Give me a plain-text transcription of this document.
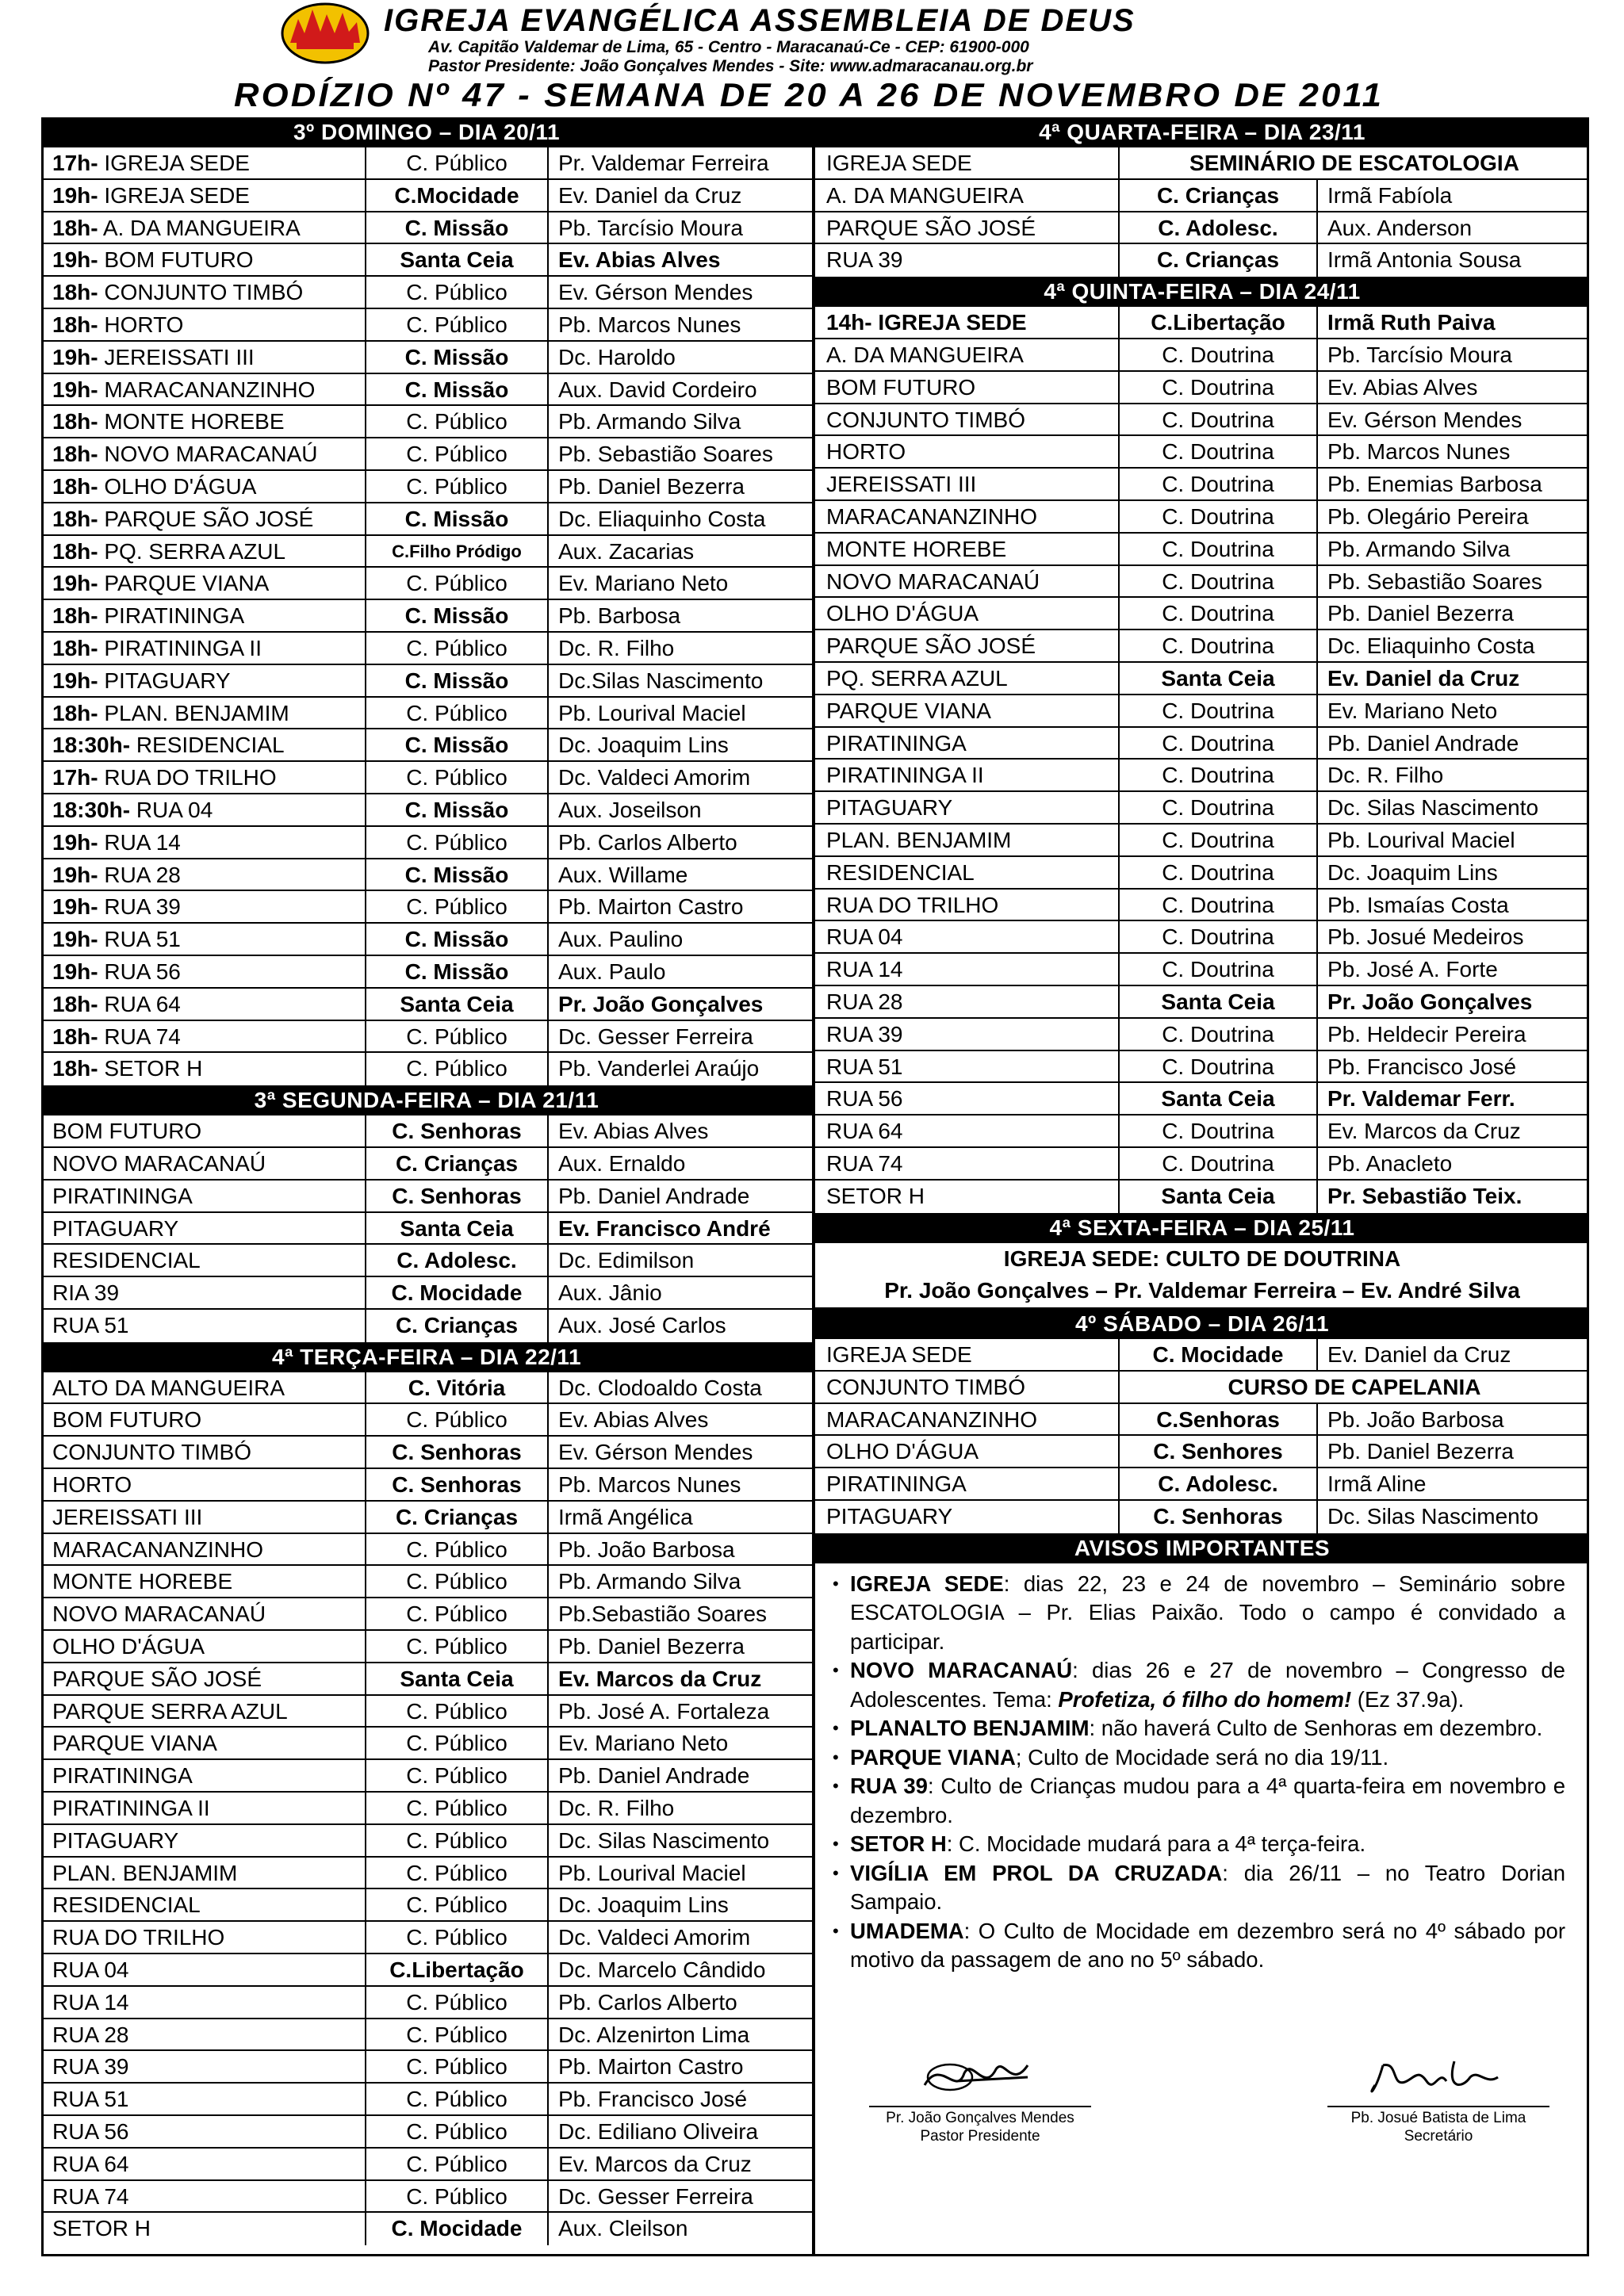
IGREJA EVANGÉLICA ASSEMBLEIA DE DEUS
Av. Capitão Valdemar de Lima, 65 - Centro - Maracanaú-Ce - CEP: 61900-000
Pastor Presidente: João Gonçalves Mendes - Site: www.admaracanau.org.br
RODÍZIO Nº 47 - SEMANA DE 20 A 26 DE NOVEMBRO DE 2011
3º DOMINGO – DIA 20/11
17h- IGREJA SEDE	C. Público	Pr. Valdemar Ferreira
19h- IGREJA SEDE	C.Mocidade	Ev. Daniel da Cruz
18h- A. DA MANGUEIRA	C. Missão	Pb. Tarcísio Moura
19h- BOM FUTURO	Santa Ceia	Ev. Abias Alves
18h- CONJUNTO TIMBÓ	C. Público	Ev. Gérson Mendes
18h- HORTO	C. Público	Pb. Marcos Nunes
19h- JEREISSATI III	C. Missão	Dc. Haroldo
19h- MARACANANZINHO	C. Missão	Aux. David Cordeiro
18h- MONTE HOREBE	C. Público	Pb. Armando Silva
18h- NOVO MARACANAÚ	C. Público	Pb. Sebastião Soares
18h- OLHO D'ÁGUA	C. Público	Pb. Daniel Bezerra
18h- PARQUE SÃO JOSÉ	C. Missão	Dc. Eliaquinho Costa
18h- PQ. SERRA AZUL	C.Filho Pródigo	Aux. Zacarias
19h- PARQUE VIANA	C. Público	Ev. Mariano Neto
18h- PIRATININGA	C. Missão	Pb. Barbosa
18h- PIRATININGA II	C. Público	Dc. R. Filho
19h- PITAGUARY	C. Missão	Dc.Silas Nascimento
18h- PLAN. BENJAMIM	C. Público	Pb. Lourival Maciel
18:30h- RESIDENCIAL	C. Missão	Dc. Joaquim Lins
17h- RUA DO TRILHO	C. Público	Dc. Valdeci Amorim
18:30h- RUA 04	C. Missão	Aux. Joseilson
19h- RUA 14	C. Público	Pb. Carlos Alberto
19h- RUA 28	C. Missão	Aux. Willame
19h- RUA 39	C. Público	Pb. Mairton Castro
19h- RUA 51	C. Missão	Aux. Paulino
19h- RUA 56	C. Missão	Aux. Paulo
18h- RUA 64	Santa Ceia	Pr. João Gonçalves
18h- RUA 74	C. Público	Dc. Gesser Ferreira
18h- SETOR H	C. Público	Pb. Vanderlei Araújo
3ª SEGUNDA-FEIRA – DIA 21/11
BOM FUTURO	C. Senhoras	Ev. Abias Alves
NOVO MARACANAÚ	C. Crianças	Aux. Ernaldo
PIRATININGA	C. Senhoras	Pb. Daniel Andrade
PITAGUARY	Santa Ceia	Ev. Francisco André
RESIDENCIAL	C. Adolesc.	Dc. Edimilson
RIA 39	C. Mocidade	Aux. Jânio
RUA 51	C. Crianças	Aux. José Carlos
4ª TERÇA-FEIRA – DIA 22/11
ALTO DA MANGUEIRA	C. Vitória	Dc. Clodoaldo Costa
BOM FUTURO	C. Público	Ev. Abias Alves
CONJUNTO TIMBÓ	C. Senhoras	Ev. Gérson Mendes
HORTO	C. Senhoras	Pb. Marcos Nunes
JEREISSATI III	C. Crianças	Irmã Angélica
MARACANANZINHO	C. Público	Pb. João Barbosa
MONTE HOREBE	C. Público	Pb. Armando Silva
NOVO MARACANAÚ	C. Público	Pb.Sebastião Soares
OLHO D'ÁGUA	C. Público	Pb. Daniel Bezerra
PARQUE SÃO JOSÉ	Santa Ceia	Ev. Marcos da Cruz
PARQUE SERRA AZUL	C. Público	Pb. José A. Fortaleza
PARQUE VIANA	C. Público	Ev. Mariano Neto
PIRATININGA	C. Público	Pb. Daniel Andrade
PIRATININGA II	C. Público	Dc. R. Filho
PITAGUARY	C. Público	Dc. Silas Nascimento
PLAN. BENJAMIM	C. Público	Pb. Lourival Maciel
RESIDENCIAL	C. Público	Dc. Joaquim Lins
RUA DO TRILHO	C. Público	Dc. Valdeci Amorim
RUA 04	C.Libertação	Dc. Marcelo Cândido
RUA 14	C. Público	Pb. Carlos Alberto
RUA 28	C. Público	Dc. Alzenirton Lima
RUA 39	C. Público	Pb. Mairton Castro
RUA 51	C. Público	Pb. Francisco José
RUA 56	C. Público	Dc. Ediliano Oliveira
RUA 64	C. Público	Ev. Marcos da Cruz
RUA 74	C. Público	Dc. Gesser Ferreira
SETOR H	C. Mocidade	Aux. Cleilson
4ª QUARTA-FEIRA – DIA 23/11
IGREJA SEDE	SEMINÁRIO DE ESCATOLOGIA
A. DA MANGUEIRA	C. Crianças	Irmã Fabíola
PARQUE SÃO JOSÉ	C. Adolesc.	Aux. Anderson
RUA 39	C. Crianças	Irmã Antonia Sousa
4ª QUINTA-FEIRA – DIA 24/11
14h- IGREJA SEDE	C.Libertação	Irmã Ruth Paiva
A. DA MANGUEIRA	C. Doutrina	Pb. Tarcísio Moura
BOM FUTURO	C. Doutrina	Ev. Abias Alves
CONJUNTO TIMBÓ	C. Doutrina	Ev. Gérson Mendes
HORTO	C. Doutrina	Pb. Marcos Nunes
JEREISSATI III	C. Doutrina	Pb. Enemias Barbosa
MARACANANZINHO	C. Doutrina	Pb. Olegário Pereira
MONTE HOREBE	C. Doutrina	Pb. Armando Silva
NOVO MARACANAÚ	C. Doutrina	Pb. Sebastião Soares
OLHO D'ÁGUA	C. Doutrina	Pb. Daniel Bezerra
PARQUE SÃO JOSÉ	C. Doutrina	Dc. Eliaquinho Costa
PQ. SERRA AZUL	Santa Ceia	Ev. Daniel da Cruz
PARQUE VIANA	C. Doutrina	Ev. Mariano Neto
PIRATININGA	C. Doutrina	Pb. Daniel Andrade
PIRATININGA II	C. Doutrina	Dc. R. Filho
PITAGUARY	C. Doutrina	Dc. Silas Nascimento
PLAN. BENJAMIM	C. Doutrina	Pb. Lourival Maciel
RESIDENCIAL	C. Doutrina	Dc. Joaquim Lins
RUA DO TRILHO	C. Doutrina	Pb. Ismaías Costa
RUA 04	C. Doutrina	Pb. Josué Medeiros
RUA 14	C. Doutrina	Pb. José A. Forte
RUA 28	Santa Ceia	Pr. João Gonçalves
RUA 39	C. Doutrina	Pb. Heldecir Pereira
RUA 51	C. Doutrina	Pb. Francisco José
RUA 56	Santa Ceia	Pr. Valdemar Ferr.
RUA 64	C. Doutrina	Ev. Marcos da Cruz
RUA 74	C. Doutrina	Pb. Anacleto
SETOR H	Santa Ceia	Pr. Sebastião Teix.
4ª SEXTA-FEIRA – DIA 25/11
IGREJA SEDE: CULTO DE DOUTRINA
Pr. João Gonçalves – Pr. Valdemar Ferreira – Ev. André Silva
4º SÁBADO – DIA 26/11
IGREJA SEDE	C. Mocidade	Ev. Daniel da Cruz
CONJUNTO TIMBÓ	CURSO DE CAPELANIA
MARACANANZINHO	C.Senhoras	Pb. João Barbosa
OLHO D'ÁGUA	C. Senhores	Pb. Daniel Bezerra
PIRATININGA	C. Adolesc.	Irmã Aline
PITAGUARY	C. Senhoras	Dc. Silas Nascimento
AVISOS IMPORTANTES
• IGREJA SEDE: dias 22, 23 e 24 de novembro – Seminário sobre ESCATOLOGIA – Pr. Elias Paixão. Todo o campo é convidado a participar.
• NOVO MARACANAÚ: dias 26 e 27 de novembro – Congresso de Adolescentes. Tema: Profetiza, ó filho do homem! (Ez 37.9a).
• PLANALTO BENJAMIM: não haverá Culto de Senhoras em dezembro.
• PARQUE VIANA; Culto de Mocidade será no dia 19/11.
• RUA 39: Culto de Crianças mudou para a 4ª quarta-feira em novembro e dezembro.
• SETOR H: C. Mocidade mudará para a 4ª terça-feira.
• VIGÍLIA EM PROL DA CRUZADA: dia 26/11 – no Teatro Dorian Sampaio.
• UMADEMA: O Culto de Mocidade em dezembro será no 4º sábado por motivo da passagem de ano no 5º sábado.
Pr. João Gonçalves Mendes
Pastor Presidente
Pb. Josué Batista de Lima
Secretário
